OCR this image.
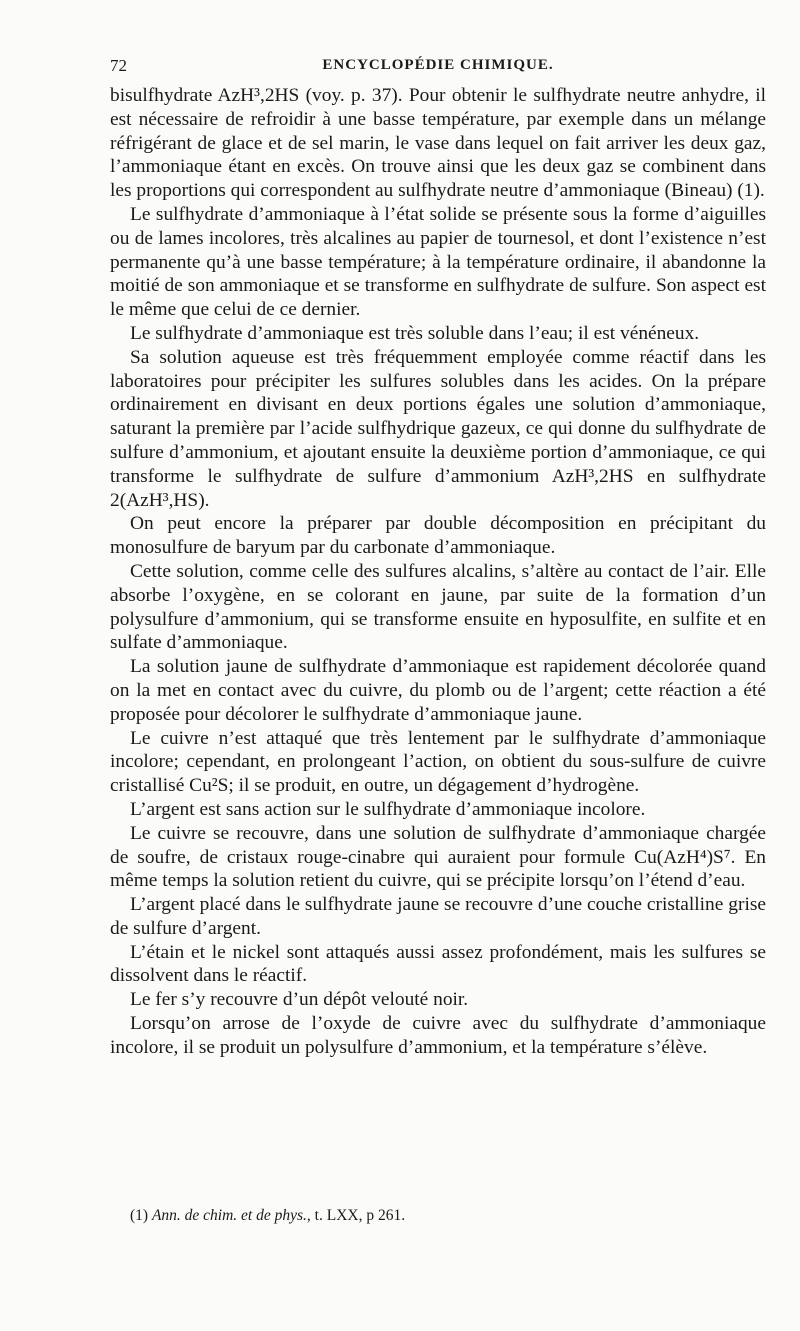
72	ENCYCLOPÉDIE CHIMIQUE.

bisulfhydrate AzH³,2HS (voy. p. 37). Pour obtenir le sulfhydrate neutre anhydre, il est nécessaire de refroidir à une basse température, par exemple dans un mélange réfrigérant de glace et de sel marin, le vase dans lequel on fait arriver les deux gaz, l’ammoniaque étant en excès. On trouve ainsi que les deux gaz se combinent dans les proportions qui correspondent au sulfhydrate neutre d’ammoniaque (Bineau) (1).

Le sulfhydrate d’ammoniaque à l’état solide se présente sous la forme d’aiguilles ou de lames incolores, très alcalines au papier de tournesol, et dont l’existence n’est permanente qu’à une basse température; à la température ordinaire, il abandonne la moitié de son ammoniaque et se transforme en sulfhydrate de sulfure. Son aspect est le même que celui de ce dernier.

Le sulfhydrate d’ammoniaque est très soluble dans l’eau; il est vénéneux.

Sa solution aqueuse est très fréquemment employée comme réactif dans les laboratoires pour précipiter les sulfures solubles dans les acides. On la prépare ordinairement en divisant en deux portions égales une solution d’ammoniaque, saturant la première par l’acide sulfhydrique gazeux, ce qui donne du sulfhydrate de sulfure d’ammonium, et ajoutant ensuite la deuxième portion d’ammoniaque, ce qui transforme le sulfhydrate de sulfure d’ammonium AzH³,2HS en sulfhydrate 2(AzH³,HS).

On peut encore la préparer par double décomposition en précipitant du monosulfure de baryum par du carbonate d’ammoniaque.

Cette solution, comme celle des sulfures alcalins, s’altère au contact de l’air. Elle absorbe l’oxygène, en se colorant en jaune, par suite de la formation d’un polysulfure d’ammonium, qui se transforme ensuite en hyposulfite, en sulfite et en sulfate d’ammoniaque.

La solution jaune de sulfhydrate d’ammoniaque est rapidement décolorée quand on la met en contact avec du cuivre, du plomb ou de l’argent; cette réaction a été proposée pour décolorer le sulfhydrate d’ammoniaque jaune.

Le cuivre n’est attaqué que très lentement par le sulfhydrate d’ammoniaque incolore; cependant, en prolongeant l’action, on obtient du sous-sulfure de cuivre cristallisé Cu²S; il se produit, en outre, un dégagement d’hydrogène.

L’argent est sans action sur le sulfhydrate d’ammoniaque incolore.

Le cuivre se recouvre, dans une solution de sulfhydrate d’ammoniaque chargée de soufre, de cristaux rouge-cinabre qui auraient pour formule Cu(AzH⁴)S⁷. En même temps la solution retient du cuivre, qui se précipite lorsqu’on l’étend d’eau.

L’argent placé dans le sulfhydrate jaune se recouvre d’une couche cristalline grise de sulfure d’argent.

L’étain et le nickel sont attaqués aussi assez profondément, mais les sulfures se dissolvent dans le réactif.

Le fer s’y recouvre d’un dépôt velouté noir.

Lorsqu’on arrose de l’oxyde de cuivre avec du sulfhydrate d’ammoniaque incolore, il se produit un polysulfure d’ammonium, et la température s’élève.

(1) Ann. de chim. et de phys., t. LXX, p 261.
